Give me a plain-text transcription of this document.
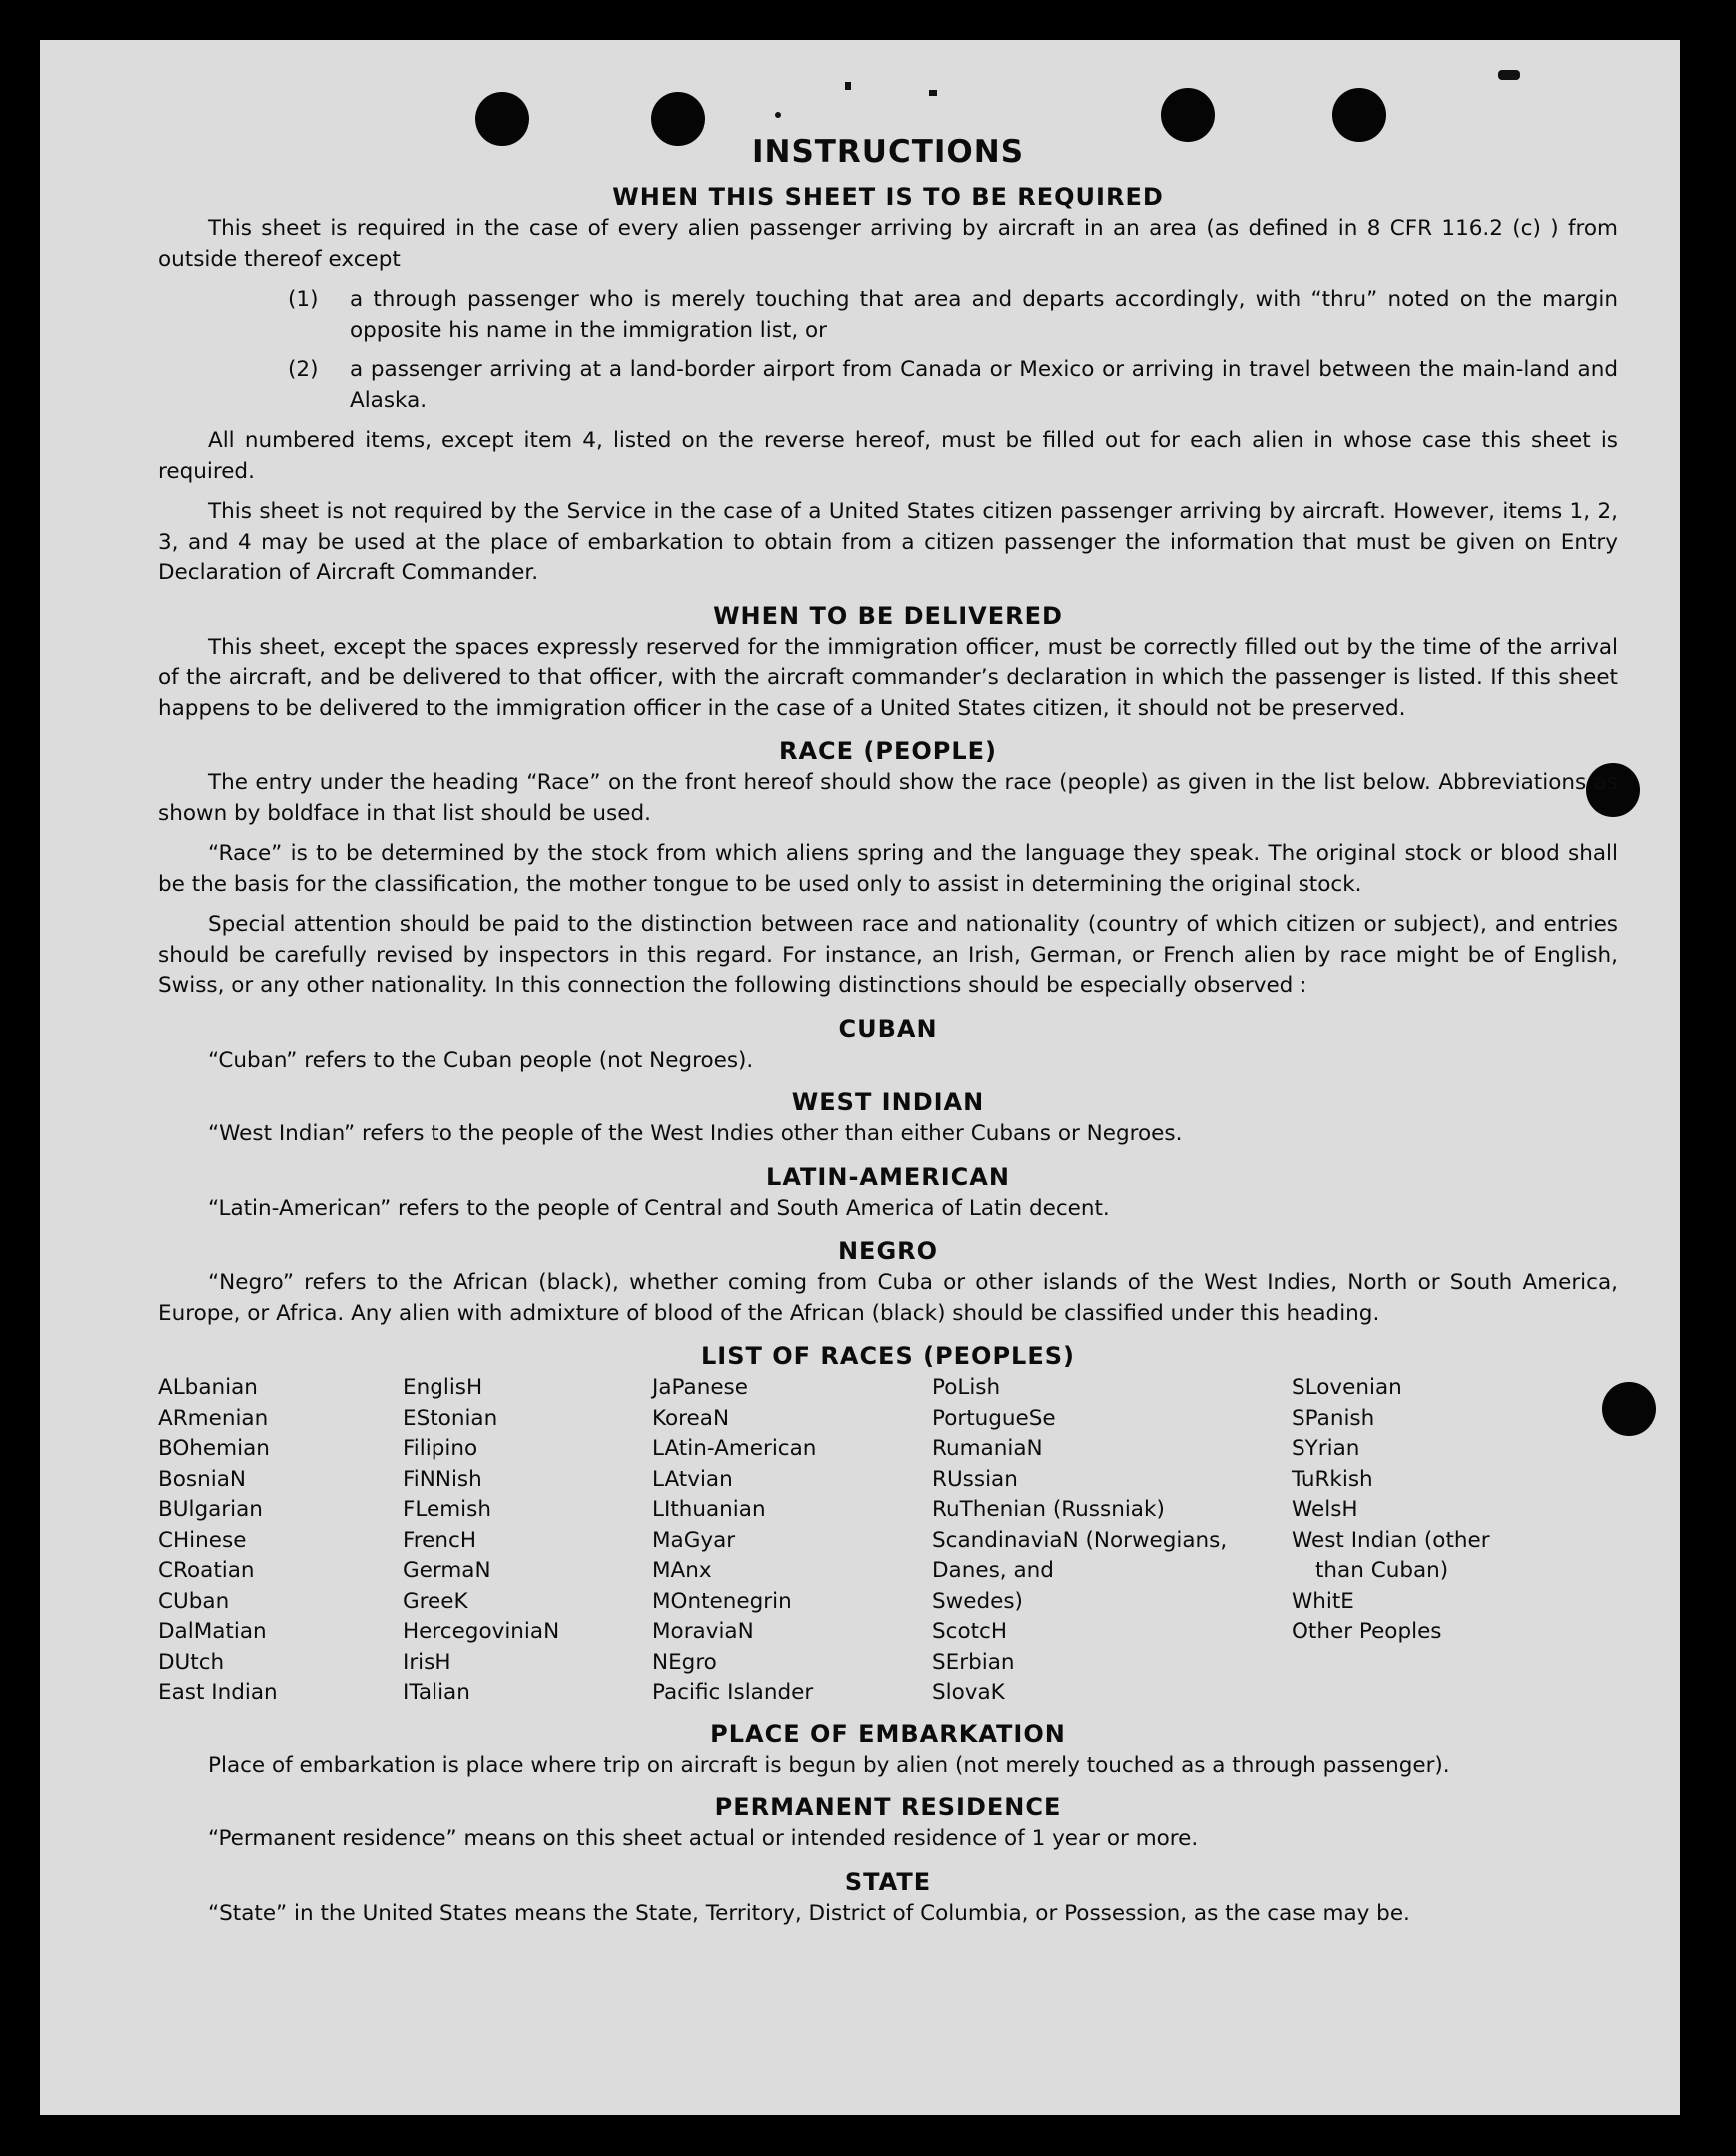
INSTRUCTIONS
WHEN THIS SHEET IS TO BE REQUIRED

This sheet is required in the case of every alien passenger arriving by aircraft in an area (as defined in 8 CFR 116.2 (c) ) from outside thereof except

(1)	a through passenger who is merely touching that area and departs accordingly, with “thru” noted on the margin opposite his name in the immigration list, or
(2)	a passenger arriving at a land-border airport from Canada or Mexico or arriving in travel between the main-land and Alaska.

All numbered items, except item 4, listed on the reverse hereof, must be filled out for each alien in whose case this sheet is required.

This sheet is not required by the Service in the case of a United States citizen passenger arriving by aircraft. However, items 1, 2, 3, and 4 may be used at the place of embarkation to obtain from a citizen passenger the information that must be given on Entry Declaration of Aircraft Commander.

WHEN TO BE DELIVERED

This sheet, except the spaces expressly reserved for the immigration officer, must be correctly filled out by the time of the arrival of the aircraft, and be delivered to that officer, with the aircraft commander’s declaration in which the passenger is listed. If this sheet happens to be delivered to the immigration officer in the case of a United States citizen, it should not be preserved.

RACE (PEOPLE)

The entry under the heading “Race” on the front hereof should show the race (people) as given in the list below. Abbreviations as shown by boldface in that list should be used.

“Race” is to be determined by the stock from which aliens spring and the language they speak. The original stock or blood shall be the basis for the classification, the mother tongue to be used only to assist in determining the original stock.

Special attention should be paid to the distinction between race and nationality (country of which citizen or subject), and entries should be carefully revised by inspectors in this regard. For instance, an Irish, German, or French alien by race might be of English, Swiss, or any other nationality. In this connection the following distinctions should be especially observed :

CUBAN

“Cuban” refers to the Cuban people (not Negroes).

WEST INDIAN

“West Indian” refers to the people of the West Indies other than either Cubans or Negroes.

LATIN-AMERICAN

“Latin-American” refers to the people of Central and South America of Latin decent.

NEGRO

“Negro” refers to the African (black), whether coming from Cuba or other islands of the West Indies, North or South America, Europe, or Africa. Any alien with admixture of blood of the African (black) should be classified under this heading.

LIST OF RACES (PEOPLES)
ALbanian
ARmenian
BOhemian
BosniaN
BUlgarian
CHinese
CRoatian
CUban
DalMatian
DUtch
East Indian
EnglisH
EStonian
Filipino
FiNNish
FLemish
FrencH
GermaN
GreeK
HercegoviniaN
IrisH
ITalian
JaPanese
KoreaN
LAtin-American
LAtvian
LIthuanian
MaGyar
MAnx
MOntenegrin
MoraviaN
NEgro
Pacific Islander
PoLish
PortugueSe
RumaniaN
RUssian
RuThenian (Russniak)
ScandinaviaN (Norwegians,
Danes, and
Swedes)
ScotcH
SErbian
SlovaK
SLovenian
SPanish
SYrian
TuRkish
WelsH
West Indian (other
than Cuban)
WhitE
Other Peoples
PLACE OF EMBARKATION

Place of embarkation is place where trip on aircraft is begun by alien (not merely touched as a through passenger).

PERMANENT RESIDENCE

“Permanent residence” means on this sheet actual or intended residence of 1 year or more.

STATE

“State” in the United States means the State, Territory, District of Columbia, or Possession, as the case may be.
